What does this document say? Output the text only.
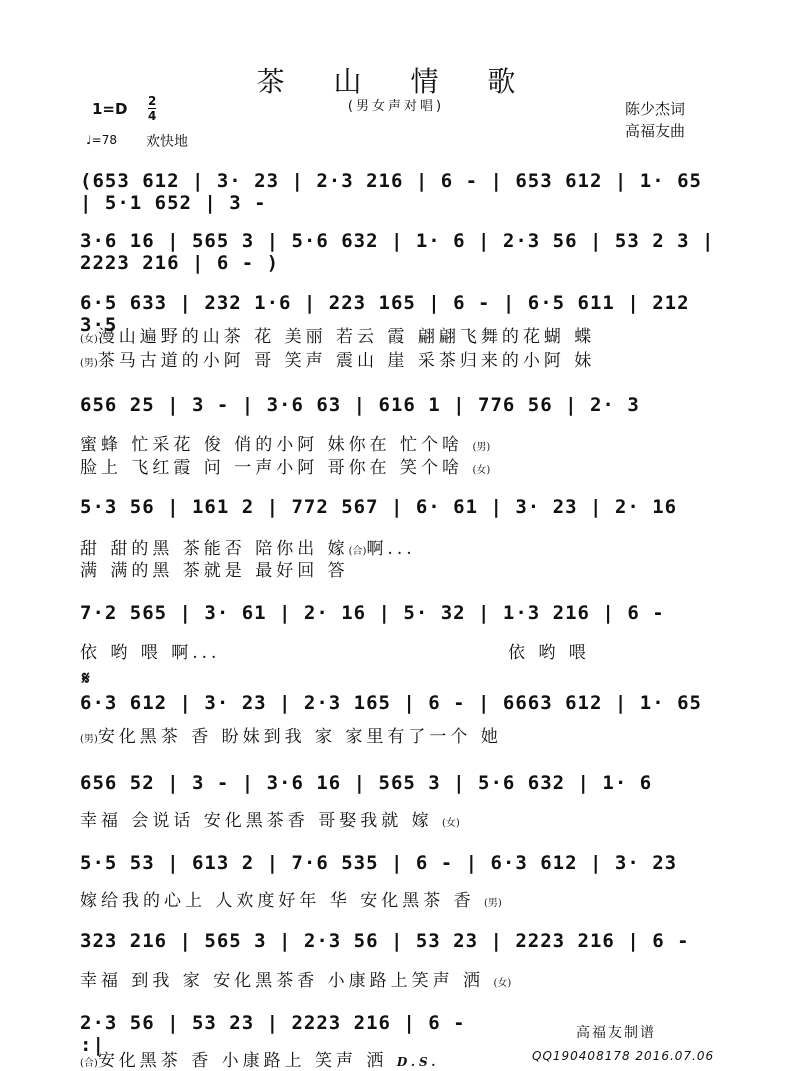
茶 山 情 歌
(男女声对唱)
$1=D \frac{2}{4}$
♩=78 欢快地
陈少杰词
高福友曲
(653 612 | 3· 23 | 2·3 216 | 6 - | 653 612 | 1· 65 | 5·1 652 | 3 -
3·6 16 | 565 3 | 5·6 632 | 1· 6 | 2·3 56 | 53 2 3 | 2223 216 | 6 - )
6·5 633 | 232 1·6 | 223 165 | 6 - | 6·5 611 | 212 3·5
(女)漫山遍野的山茶 花 美丽 若云 霞 翩翩飞舞的花蝴 蝶
(男)茶马古道的小阿 哥 笑声 震山 崖 采茶归来的小阿 妹
656 25 | 3 - | 3·6 63 | 616 1 | 776 56 | 2· 3
蜜蜂 忙采花 俊 俏的小阿 妹你在 忙个啥 (男)
脸上 飞红霞 问 一声小阿 哥你在 笑个啥 (女)
5·3 56 | 161 2 | 772 567 | 6· 61 | 3· 23 | 2· 16
甜 甜的黑 茶能否 陪你出 嫁(合)啊...
满 满的黑 茶就是 最好回 答
7·2 565 | 3· 61 | 2· 16 | 5· 32 | 1·3 216 | 6 -
依 哟 喂 啊...	依 哟 喂
𝄋
6·3 612 | 3· 23 | 2·3 165 | 6 - | 6663 612 | 1· 65
(男)安化黑茶 香 盼妹到我 家 家里有了一个 她
656 52 | 3 - | 3·6 16 | 565 3 | 5·6 632 | 1· 6
幸福 会说话 安化黑茶香 哥娶我就 嫁 (女)
5·5 53 | 613 2 | 7·6 535 | 6 - | 6·3 612 | 3· 23
嫁给我的心上 人欢度好年 华 安化黑茶 香 (男)
323 216 | 565 3 | 2·3 56 | 53 23 | 2223 216 | 6 -
幸福 到我 家 安化黑茶香 小康路上笑声 洒 (女)
2·3 56 | 53 23 | 2223 216 | 6 - :|
(合)安化黑茶 香 小康路上 笑声 洒 D.S.
高福友制谱
QQ190408178 2016.07.06
